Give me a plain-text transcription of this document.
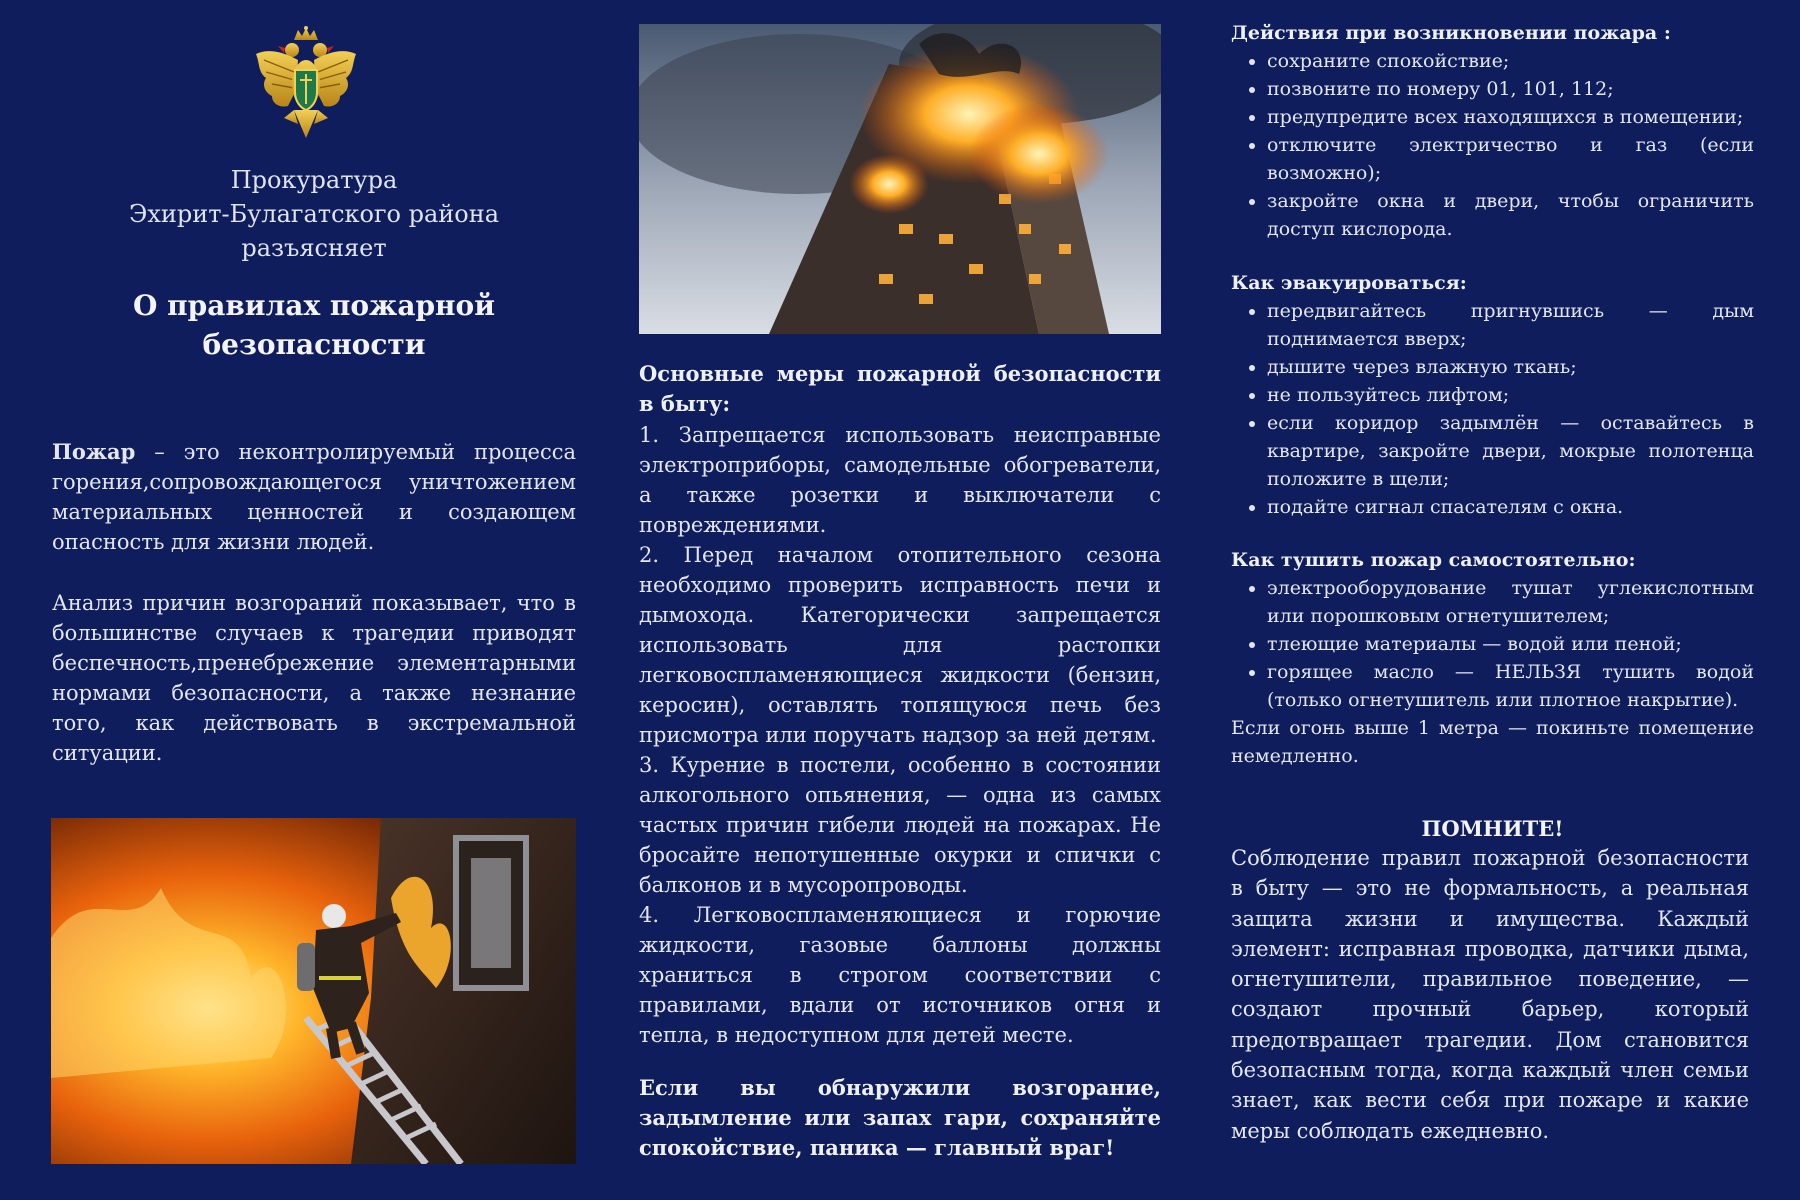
Прокуратура
Эхирит-Булагатского района
разъясняет
О правилах пожарной
безопасности

Пожар – это неконтролируемый процесса горения,сопровождающегося уничтожением материальных ценностей и создающем опасность для жизни людей.

Анализ причин возгораний показывает, что в большинстве случаев к трагедии приводят беспечность,пренебрежение элементарными нормами безопасности, а также незнание того, как действовать в экстремальной ситуации.

Основные меры пожарной безопасности в быту:

1. Запрещается использовать неисправные электроприборы, самодельные обогреватели, а также розетки и выключатели с повреждениями.

2. Перед началом отопительного сезона необходимо проверить исправность печи и дымохода. Категорически запрещается использовать для растопки легковоспламеняющиеся жидкости (бензин, керосин), оставлять топящуюся печь без присмотра или поручать надзор за ней детям.

3. Курение в постели, особенно в состоянии алкогольного опьянения, — одна из самых частых причин гибели людей на пожарах. Не бросайте непотушенные окурки и спички с балконов и в мусоропроводы.

4. Легковоспламеняющиеся и горючие жидкости, газовые баллоны должны храниться в строгом соответствии с правилами, вдали от источников огня и тепла, в недоступном для детей месте.

Если вы обнаружили возгорание, задымление или запах гари, сохраняйте спокойствие, паника — главный враг!

Действия при возникновении пожара :

• сохраните спокойствие;
• позвоните по номеру 01, 101, 112;
• предупредите всех находящихся в помещении;
• отключите электричество и газ (если возможно);
• закройте окна и двери, чтобы ограничить доступ кислорода.

Как эвакуироваться:

• передвигайтесь пригнувшись — дым поднимается вверх;
• дышите через влажную ткань;
• не пользуйтесь лифтом;
• если коридор задымлён — оставайтесь в квартире, закройте двери, мокрые полотенца положите в щели;
• подайте сигнал спасателям с окна.

Как тушить пожар самостоятельно:

• электрооборудование тушат углекислотным или порошковым огнетушителем;
• тлеющие материалы — водой или пеной;
• горящее масло — НЕЛЬЗЯ тушить водой (только огнетушитель или плотное накрытие).

Если огонь выше 1 метра — покиньте помещение немедленно.

ПОМНИТЕ!

Соблюдение правил пожарной безопасности в быту — это не формальность, а реальная защита жизни и имущества. Каждый элемент: исправная проводка, датчики дыма, огнетушители, правильное поведение, — создают прочный барьер, который предотвращает трагедии. Дом становится безопасным тогда, когда каждый член семьи знает, как вести себя при пожаре и какие меры соблюдать ежедневно.
